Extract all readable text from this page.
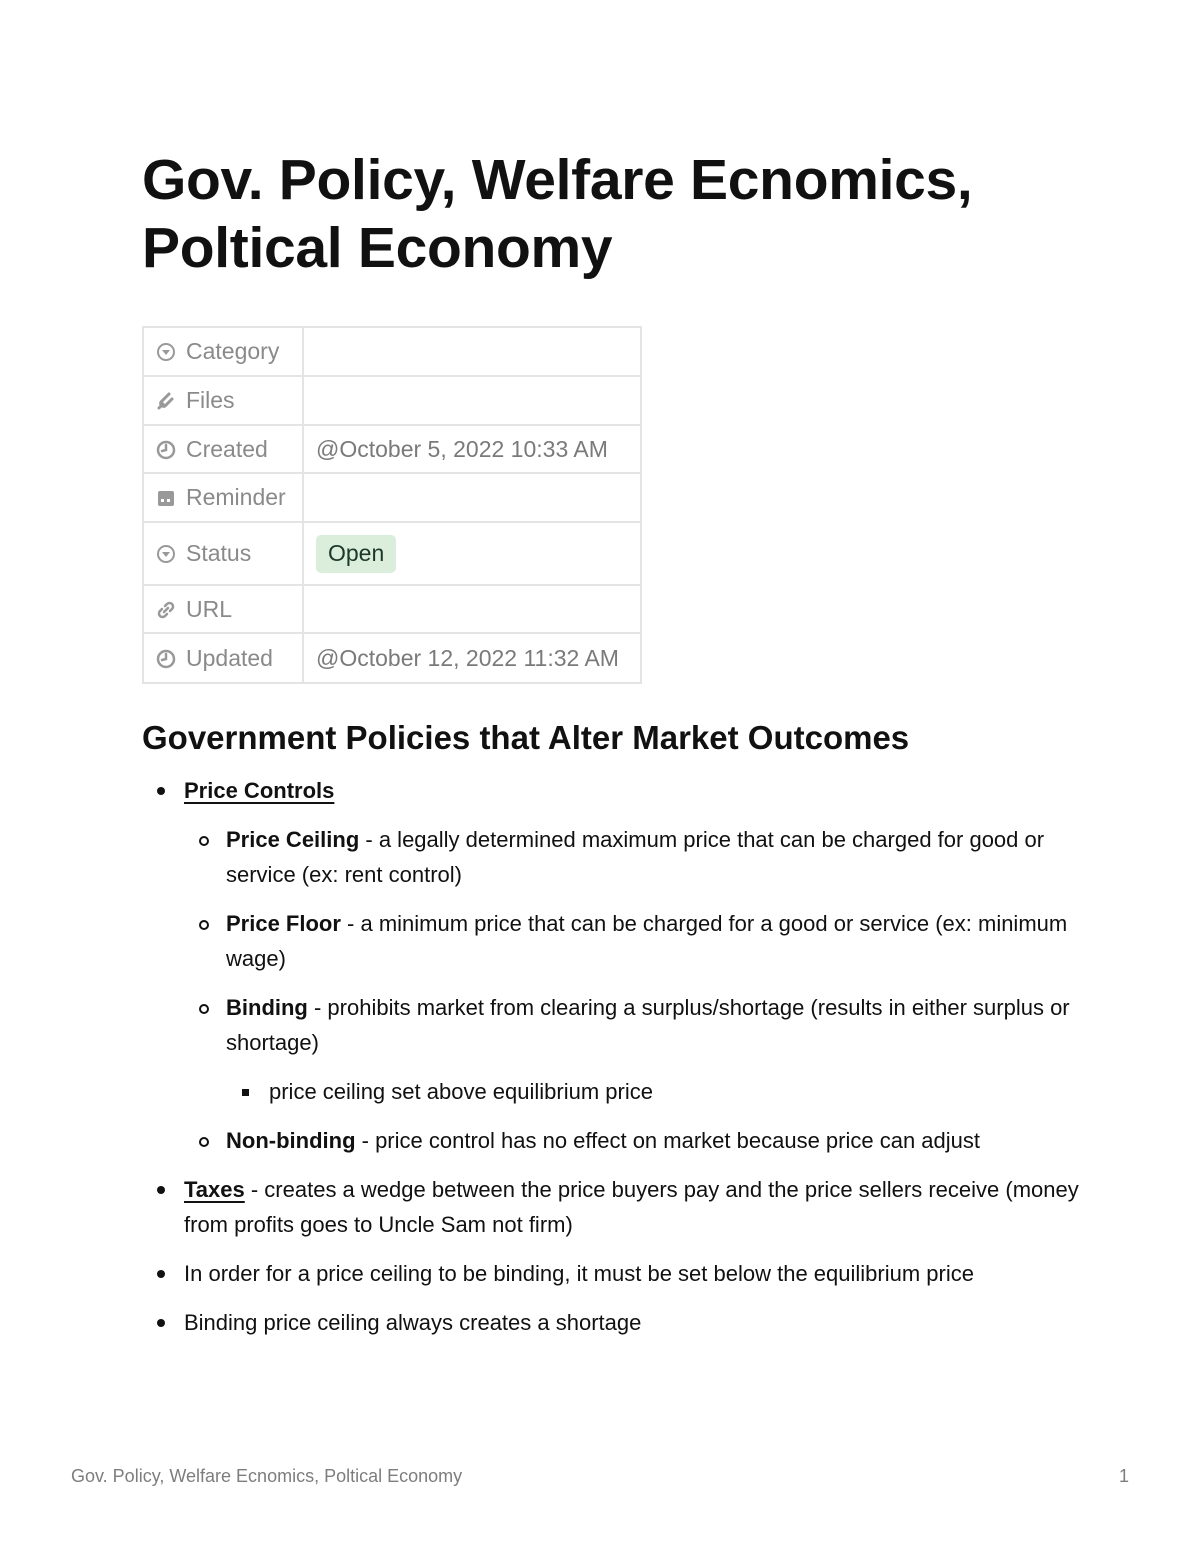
Gov. Policy, Welfare Ecnomics, Poltical Economy
Category	

Files	

Created	@October 5, 2022 10:33 AM

Reminder	

Status	Open

URL	

Updated	@October 12, 2022 11:32 AM
Government Policies that Alter Market Outcomes
Price Controls
Price Ceiling - a legally determined maximum price that can be charged for good or service (ex: rent control)
Price Floor - a minimum price that can be charged for a good or service (ex: minimum wage)
Binding - prohibits market from clearing a surplus/shortage (results in either surplus or shortage)
price ceiling set above equilibrium price
Non-binding - price control has no effect on market because price can adjust
Taxes - creates a wedge between the price buyers pay and the price sellers receive (money from profits goes to Uncle Sam not firm)
In order for a price ceiling to be binding, it must be set below the equilibrium price
Binding price ceiling always creates a shortage
Gov. Policy, Welfare Ecnomics, Poltical Economy	1
